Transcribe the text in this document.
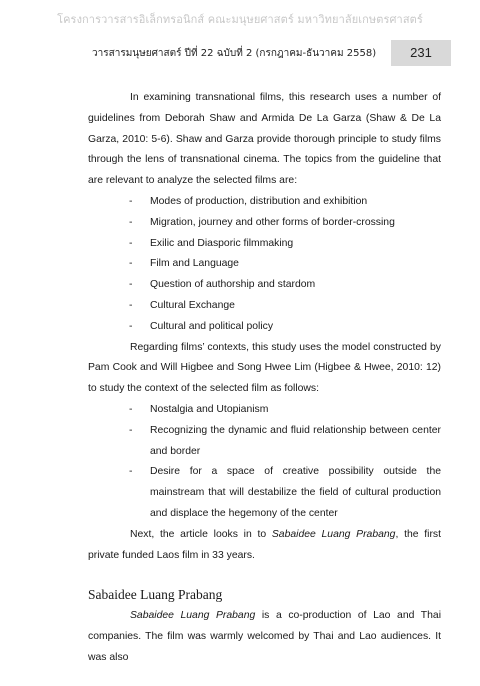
โครงการวารสารอิเล็กทรอนิกส์ คณะมนุษยศาสตร์ มหาวิทยาลัยเกษตรศาสตร์
วารสารมนุษยศาสตร์ ปีที่ 22 ฉบับที่ 2 (กรกฎาคม-ธันวาคม 2558)	231

In examining transnational films, this research uses a number of guidelines from Deborah Shaw and Armida De La Garza (Shaw & De La Garza, 2010: 5-6). Shaw and Garza provide thorough principle to study films through the lens of transnational cinema. The topics from the guideline that are relevant to analyze the selected films are:

- Modes of production, distribution and exhibition
- Migration, journey and other forms of border-crossing
- Exilic and Diasporic filmmaking
- Film and Language
- Question of authorship and stardom
- Cultural Exchange
- Cultural and political policy

Regarding films’ contexts, this study uses the model constructed by Pam Cook and Will Higbee and Song Hwee Lim (Higbee & Hwee, 2010: 12) to study the context of the selected film as follows:

- Nostalgia and Utopianism
- Recognizing the dynamic and fluid relationship between center and border
- Desire for a space of creative possibility outside the mainstream that will destabilize the field of cultural production and displace the hegemony of the center

Next, the article looks in to Sabaidee Luang Prabang, the first private funded Laos film in 33 years.

Sabaidee Luang Prabang

Sabaidee Luang Prabang is a co-production of Lao and Thai companies. The film was warmly welcomed by Thai and Lao audiences. It was also
